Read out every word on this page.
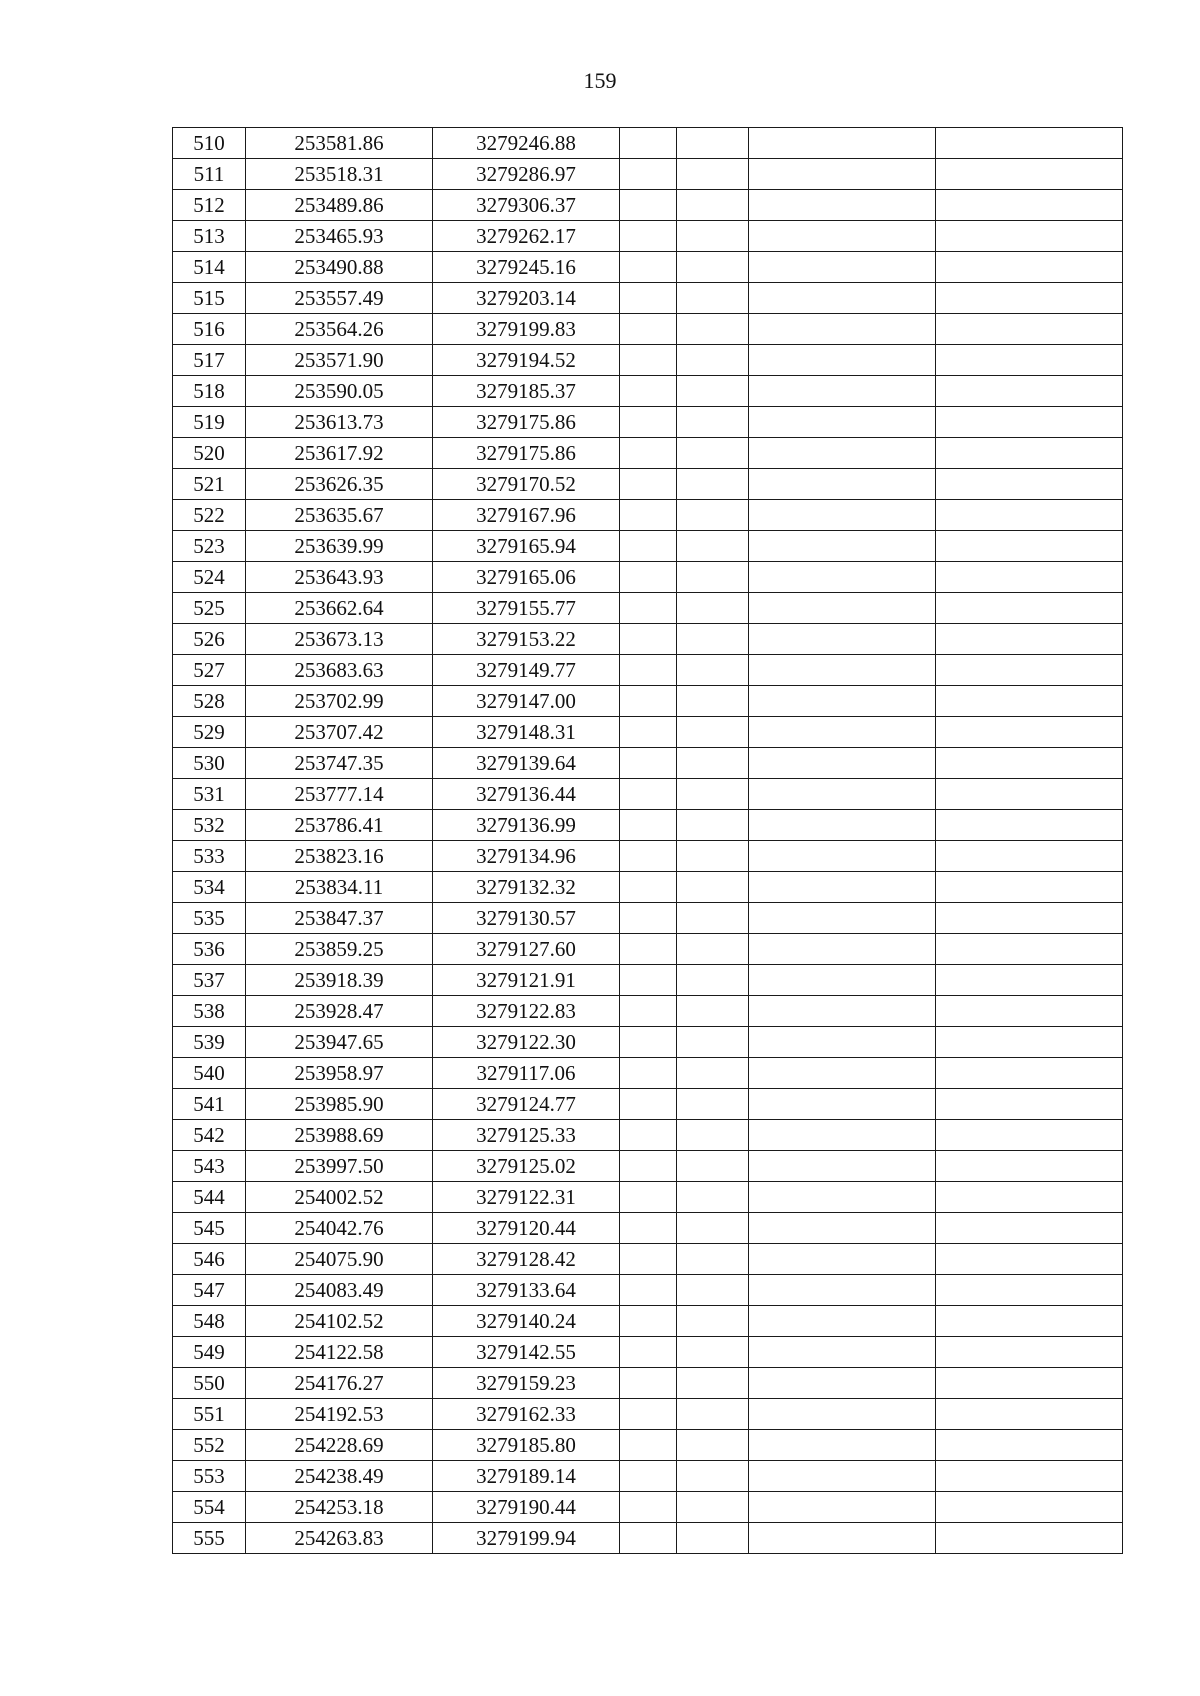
159
510	253581.86	3279246.88				
511	253518.31	3279286.97				
512	253489.86	3279306.37				
513	253465.93	3279262.17				
514	253490.88	3279245.16				
515	253557.49	3279203.14				
516	253564.26	3279199.83				
517	253571.90	3279194.52				
518	253590.05	3279185.37				
519	253613.73	3279175.86				
520	253617.92	3279175.86				
521	253626.35	3279170.52				
522	253635.67	3279167.96				
523	253639.99	3279165.94				
524	253643.93	3279165.06				
525	253662.64	3279155.77				
526	253673.13	3279153.22				
527	253683.63	3279149.77				
528	253702.99	3279147.00				
529	253707.42	3279148.31				
530	253747.35	3279139.64				
531	253777.14	3279136.44				
532	253786.41	3279136.99				
533	253823.16	3279134.96				
534	253834.11	3279132.32				
535	253847.37	3279130.57				
536	253859.25	3279127.60				
537	253918.39	3279121.91				
538	253928.47	3279122.83				
539	253947.65	3279122.30				
540	253958.97	3279117.06				
541	253985.90	3279124.77				
542	253988.69	3279125.33				
543	253997.50	3279125.02				
544	254002.52	3279122.31				
545	254042.76	3279120.44				
546	254075.90	3279128.42				
547	254083.49	3279133.64				
548	254102.52	3279140.24				
549	254122.58	3279142.55				
550	254176.27	3279159.23				
551	254192.53	3279162.33				
552	254228.69	3279185.80				
553	254238.49	3279189.14				
554	254253.18	3279190.44				
555	254263.83	3279199.94				
